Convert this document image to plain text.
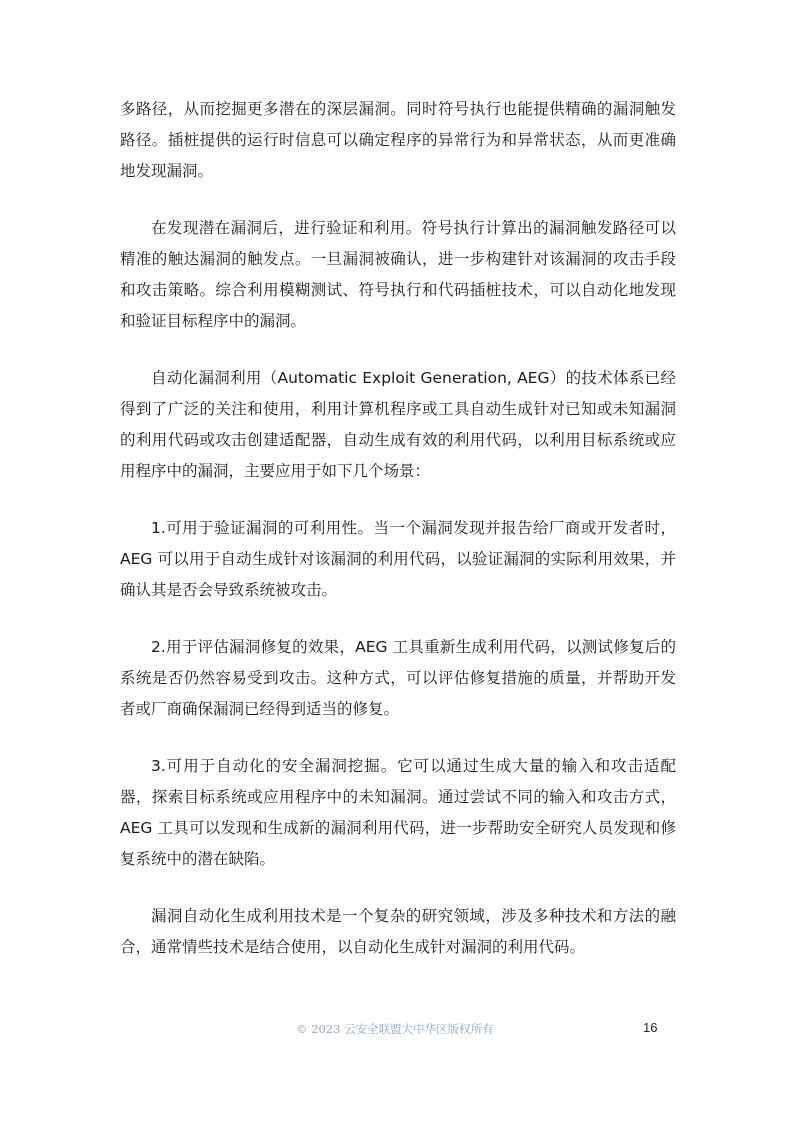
多路径，从而挖掘更多潜在的深层漏洞。同时符号执行也能提供精确的漏洞触发路径。插桩提供的运行时信息可以确定程序的异常行为和异常状态，从而更准确地发现漏洞。

在发现潜在漏洞后，进行验证和利用。符号执行计算出的漏洞触发路径可以精准的触达漏洞的触发点。一旦漏洞被确认，进一步构建针对该漏洞的攻击手段和攻击策略。综合利用模糊测试、符号执行和代码插桩技术，可以自动化地发现和验证目标程序中的漏洞。

自动化漏洞利用（Automatic Exploit Generation, AEG）的技术体系已经得到了广泛的关注和使用，利用计算机程序或工具自动生成针对已知或未知漏洞的利用代码或攻击创建适配器，自动生成有效的利用代码，以利用目标系统或应用程序中的漏洞，主要应用于如下几个场景：

1.可用于验证漏洞的可利用性。当一个漏洞发现并报告给厂商或开发者时，AEG 可以用于自动生成针对该漏洞的利用代码，以验证漏洞的实际利用效果，并确认其是否会导致系统被攻击。

2.用于评估漏洞修复的效果，AEG 工具重新生成利用代码，以测试修复后的系统是否仍然容易受到攻击。这种方式，可以评估修复措施的质量，并帮助开发者或厂商确保漏洞已经得到适当的修复。

3.可用于自动化的安全漏洞挖掘。它可以通过生成大量的输入和攻击适配器，探索目标系统或应用程序中的未知漏洞。通过尝试不同的输入和攻击方式，AEG 工具可以发现和生成新的漏洞利用代码，进一步帮助安全研究人员发现和修复系统中的潜在缺陷。

漏洞自动化生成利用技术是一个复杂的研究领域，涉及多种技术和方法的融合，通常情些技术是结合使用，以自动化生成针对漏洞的利用代码。

© 2023 云安全联盟大中华区版权所有	16
